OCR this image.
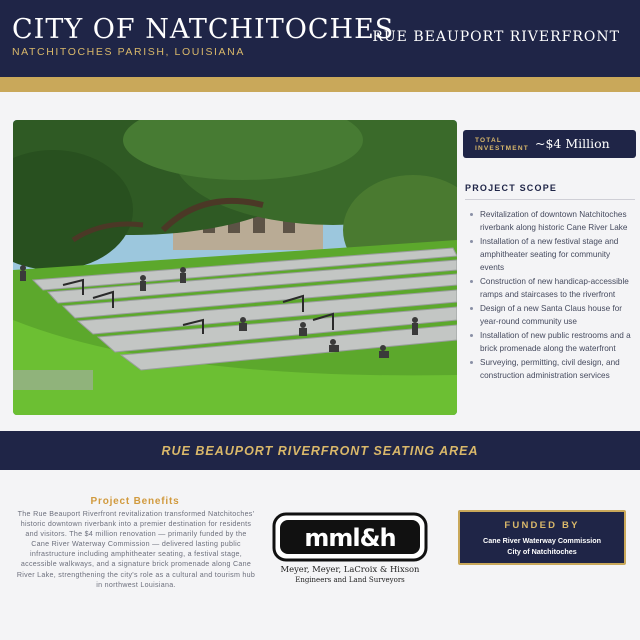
CITY OF NATCHITOCHES
NATCHITOCHES PARISH, LOUISIANA
RUE BEAUPORT RIVERFRONT
TOTAL INVESTMENT ~$4 Million
PROJECT SCOPE
Revitalization of downtown Natchitoches riverbank along historic Cane River Lake
Installation of a new festival stage and amphitheater seating for community events
Construction of new handicap-accessible ramps and staircases to the riverfront
Design of a new Santa Claus house for year-round community use
Installation of new public restrooms and a brick promenade along the waterfront
Surveying, permitting, civil design, and construction administration services
RUE BEAUPORT RIVERFRONT SEATING AREA
Project Benefits
The Rue Beauport Riverfront revitalization transformed Natchitoches' historic downtown riverbank into a premier destination for residents and visitors. The $4 million renovation — primarily funded by the Cane River Waterway Commission — delivered lasting public infrastructure including amphitheater seating, a festival stage, accessible walkways, and a signature brick promenade along Cane River Lake, strengthening the city's role as a cultural and tourism hub in northwest Louisiana.
mml&h
Meyer, Meyer, LaCroix & Hixson
Engineers and Land Surveyors
FUNDED BY
Cane River Waterway Commission
City of Natchitoches
